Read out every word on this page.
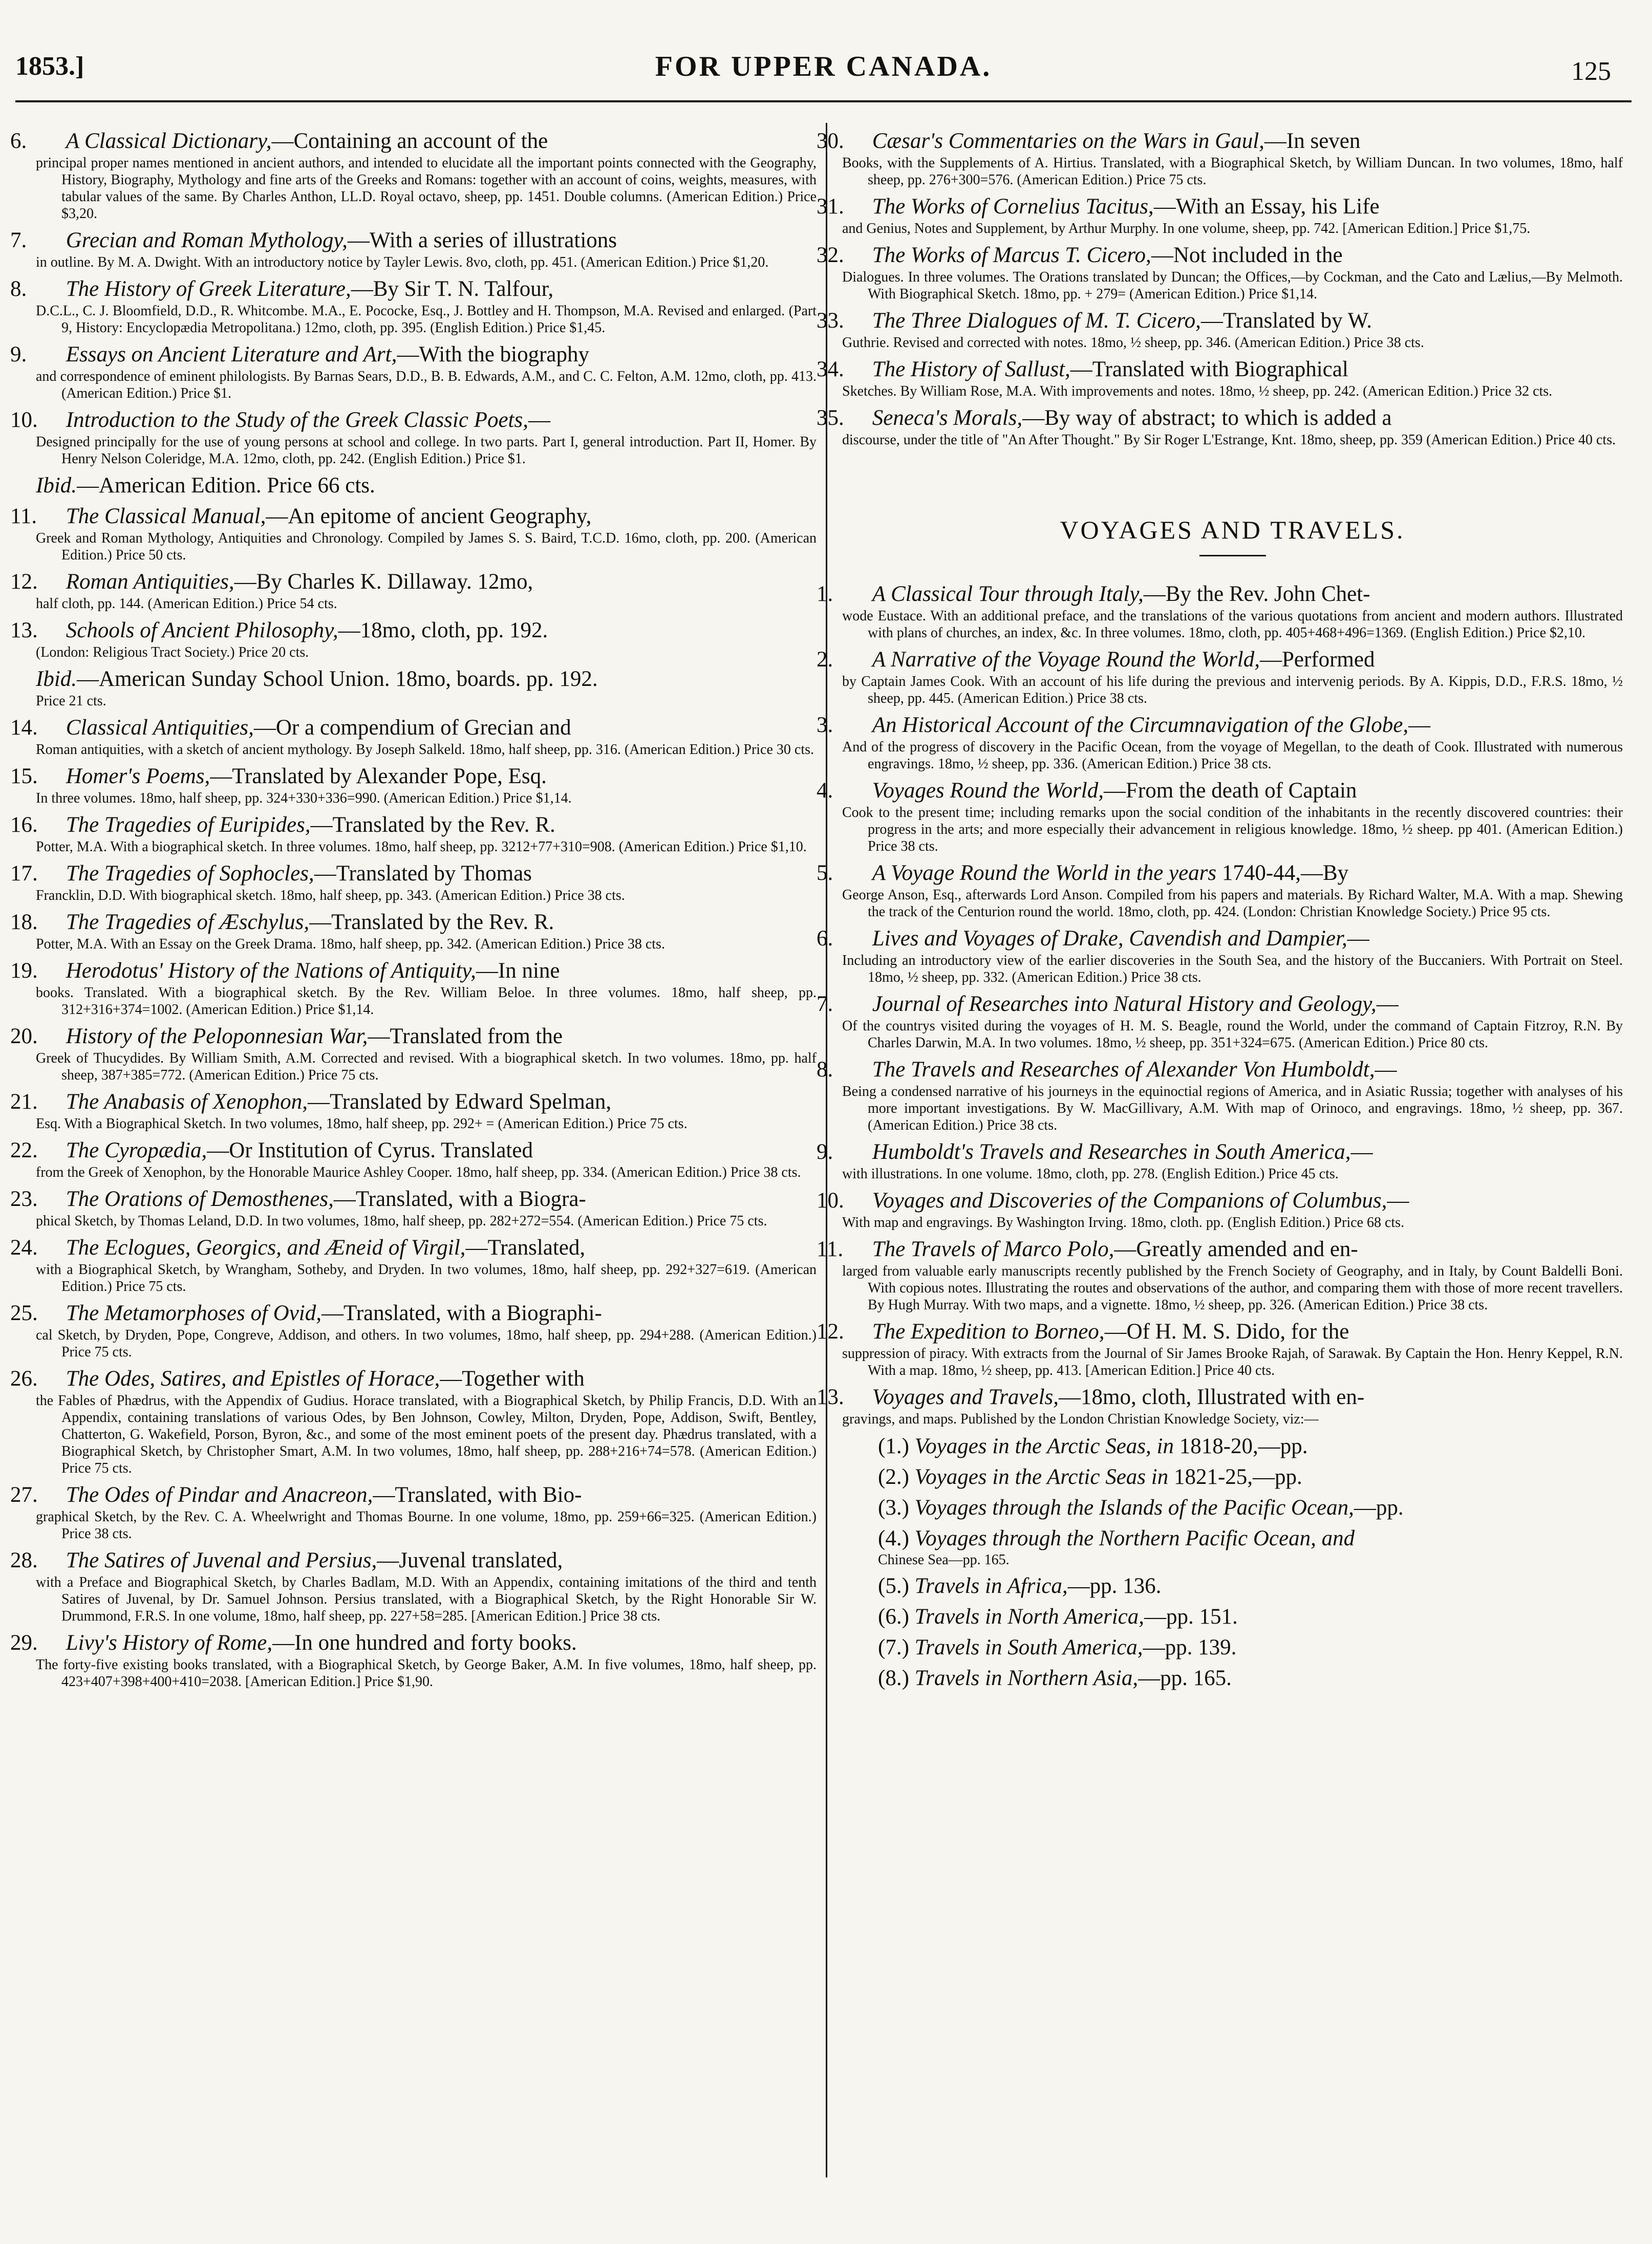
1853.]	FOR UPPER CANADA.	125
6. A Classical Dictionary,—Containing an account of the
principal proper names mentioned in ancient authors, and intended to elucidate all the important points connected with the Geography, History, Biography, Mythology and fine arts of the Greeks and Romans: together with an account of coins, weights, measures, with tabular values of the same. By Charles Anthon, LL.D. Royal octavo, sheep, pp. 1451. Double columns. (American Edition.) Price $3,20.
7. Grecian and Roman Mythology,—With a series of illustrations
in outline. By M. A. Dwight. With an introductory notice by Tayler Lewis. 8vo, cloth, pp. 451. (American Edition.) Price $1,20.
8. The History of Greek Literature,—By Sir T. N. Talfour,
D.C.L., C. J. Bloomfield, D.D., R. Whitcombe. M.A., E. Pococke, Esq., J. Bottley and H. Thompson, M.A. Revised and enlarged. (Part 9, History: Encyclopædia Metropolitana.) 12mo, cloth, pp. 395. (English Edition.) Price $1,45.
9. Essays on Ancient Literature and Art,—With the biography
and correspondence of eminent philologists. By Barnas Sears, D.D., B. B. Edwards, A.M., and C. C. Felton, A.M. 12mo, cloth, pp. 413. (American Edition.) Price $1.
10. Introduction to the Study of the Greek Classic Poets,—
Designed principally for the use of young persons at school and college. In two parts. Part I, general introduction. Part II, Homer. By Henry Nelson Coleridge, M.A. 12mo, cloth, pp. 242. (English Edition.) Price $1.
Ibid.—American Edition. Price 66 cts.
11. The Classical Manual,—An epitome of ancient Geography,
Greek and Roman Mythology, Antiquities and Chronology. Compiled by James S. S. Baird, T.C.D. 16mo, cloth, pp. 200. (American Edition.) Price 50 cts.
12. Roman Antiquities,—By Charles K. Dillaway. 12mo,
half cloth, pp. 144. (American Edition.) Price 54 cts.
13. Schools of Ancient Philosophy,—18mo, cloth, pp. 192.
(London: Religious Tract Society.) Price 20 cts.
Ibid.—American Sunday School Union. 18mo, boards. pp. 192.
Price 21 cts.
14. Classical Antiquities,—Or a compendium of Grecian and
Roman antiquities, with a sketch of ancient mythology. By Joseph Salkeld. 18mo, half sheep, pp. 316. (American Edition.) Price 30 cts.
15. Homer's Poems,—Translated by Alexander Pope, Esq.
In three volumes. 18mo, half sheep, pp. 324+330+336=990. (American Edition.) Price $1,14.
16. The Tragedies of Euripides,—Translated by the Rev. R.
Potter, M.A. With a biographical sketch. In three volumes. 18mo, half sheep, pp. 3212+77+310=908. (American Edition.) Price $1,10.
17. The Tragedies of Sophocles,—Translated by Thomas
Francklin, D.D. With biographical sketch. 18mo, half sheep, pp. 343. (American Edition.) Price 38 cts.
18. The Tragedies of Æschylus,—Translated by the Rev. R.
Potter, M.A. With an Essay on the Greek Drama. 18mo, half sheep, pp. 342. (American Edition.) Price 38 cts.
19. Herodotus' History of the Nations of Antiquity,—In nine
books. Translated. With a biographical sketch. By the Rev. William Beloe. In three volumes. 18mo, half sheep, pp. 312+316+374=1002. (American Edition.) Price $1,14.
20. History of the Peloponnesian War,—Translated from the
Greek of Thucydides. By William Smith, A.M. Corrected and revised. With a biographical sketch. In two volumes. 18mo, pp. half sheep, 387+385=772. (American Edition.) Price 75 cts.
21. The Anabasis of Xenophon,—Translated by Edward Spelman,
Esq. With a Biographical Sketch. In two volumes, 18mo, half sheep, pp. 292+ = (American Edition.) Price 75 cts.
22. The Cyropædia,—Or Institution of Cyrus. Translated
from the Greek of Xenophon, by the Honorable Maurice Ashley Cooper. 18mo, half sheep, pp. 334. (American Edition.) Price 38 cts.
23. The Orations of Demosthenes,—Translated, with a Biogra-
phical Sketch, by Thomas Leland, D.D. In two volumes, 18mo, half sheep, pp. 282+272=554. (American Edition.) Price 75 cts.
24. The Eclogues, Georgics, and Æneid of Virgil,—Translated,
with a Biographical Sketch, by Wrangham, Sotheby, and Dryden. In two volumes, 18mo, half sheep, pp. 292+327=619. (American Edition.) Price 75 cts.
25. The Metamorphoses of Ovid,—Translated, with a Biographi-
cal Sketch, by Dryden, Pope, Congreve, Addison, and others. In two volumes, 18mo, half sheep, pp. 294+288. (American Edition.) Price 75 cts.
26. The Odes, Satires, and Epistles of Horace,—Together with
the Fables of Phædrus, with the Appendix of Gudius. Horace translated, with a Biographical Sketch, by Philip Francis, D.D. With an Appendix, containing translations of various Odes, by Ben Johnson, Cowley, Milton, Dryden, Pope, Addison, Swift, Bentley, Chatterton, G. Wakefield, Porson, Byron, &c., and some of the most eminent poets of the present day. Phædrus translated, with a Biographical Sketch, by Christopher Smart, A.M. In two volumes, 18mo, half sheep, pp. 288+216+74=578. (American Edition.) Price 75 cts.
27. The Odes of Pindar and Anacreon,—Translated, with Bio-
graphical Sketch, by the Rev. C. A. Wheelwright and Thomas Bourne. In one volume, 18mo, pp. 259+66=325. (American Edition.) Price 38 cts.
28. The Satires of Juvenal and Persius,—Juvenal translated,
with a Preface and Biographical Sketch, by Charles Badlam, M.D. With an Appendix, containing imitations of the third and tenth Satires of Juvenal, by Dr. Samuel Johnson. Persius translated, with a Biographical Sketch, by the Right Honorable Sir W. Drummond, F.R.S. In one volume, 18mo, half sheep, pp. 227+58=285. [American Edition.] Price 38 cts.
29. Livy's History of Rome,—In one hundred and forty books.
The forty-five existing books translated, with a Biographical Sketch, by George Baker, A.M. In five volumes, 18mo, half sheep, pp. 423+407+398+400+410=2038. [American Edition.] Price $1,90.
30. Cæsar's Commentaries on the Wars in Gaul,—In seven
Books, with the Supplements of A. Hirtius. Translated, with a Biographical Sketch, by William Duncan. In two volumes, 18mo, half sheep, pp. 276+300=576. (American Edition.) Price 75 cts.
31. The Works of Cornelius Tacitus,—With an Essay, his Life
and Genius, Notes and Supplement, by Arthur Murphy. In one volume, sheep, pp. 742. [American Edition.] Price $1,75.
32. The Works of Marcus T. Cicero,—Not included in the
Dialogues. In three volumes. The Orations translated by Duncan; the Offices,—by Cockman, and the Cato and Lælius,—By Melmoth. With Biographical Sketch. 18mo, pp. + 279= (American Edition.) Price $1,14.
33. The Three Dialogues of M. T. Cicero,—Translated by W.
Guthrie. Revised and corrected with notes. 18mo, ½ sheep, pp. 346. (American Edition.) Price 38 cts.
34. The History of Sallust,—Translated with Biographical
Sketches. By William Rose, M.A. With improvements and notes. 18mo, ½ sheep, pp. 242. (American Edition.) Price 32 cts.
35. Seneca's Morals,—By way of abstract; to which is added a
discourse, under the title of "An After Thought." By Sir Roger L'Estrange, Knt. 18mo, sheep, pp. 359 (American Edition.) Price 40 cts.
VOYAGES AND TRAVELS.
1. A Classical Tour through Italy,—By the Rev. John Chet-
wode Eustace. With an additional preface, and the translations of the various quotations from ancient and modern authors. Illustrated with plans of churches, an index, &c. In three volumes. 18mo, cloth, pp. 405+468+496=1369. (English Edition.) Price $2,10.
2. A Narrative of the Voyage Round the World,—Performed
by Captain James Cook. With an account of his life during the previous and intervenig periods. By A. Kippis, D.D., F.R.S. 18mo, ½ sheep, pp. 445. (American Edition.) Price 38 cts.
3. An Historical Account of the Circumnavigation of the Globe,—
And of the progress of discovery in the Pacific Ocean, from the voyage of Megellan, to the death of Cook. Illustrated with numerous engravings. 18mo, ½ sheep, pp. 336. (American Edition.) Price 38 cts.
4. Voyages Round the World,—From the death of Captain
Cook to the present time; including remarks upon the social condition of the inhabitants in the recently discovered countries: their progress in the arts; and more especially their advancement in religious knowledge. 18mo, ½ sheep. pp 401. (American Edition.) Price 38 cts.
5. A Voyage Round the World in the years 1740-44,—By
George Anson, Esq., afterwards Lord Anson. Compiled from his papers and materials. By Richard Walter, M.A. With a map. Shewing the track of the Centurion round the world. 18mo, cloth, pp. 424. (London: Christian Knowledge Society.) Price 95 cts.
6. Lives and Voyages of Drake, Cavendish and Dampier,—
Including an introductory view of the earlier discoveries in the South Sea, and the history of the Buccaniers. With Portrait on Steel. 18mo, ½ sheep, pp. 332. (American Edition.) Price 38 cts.
7. Journal of Researches into Natural History and Geology,—
Of the countrys visited during the voyages of H. M. S. Beagle, round the World, under the command of Captain Fitzroy, R.N. By Charles Darwin, M.A. In two volumes. 18mo, ½ sheep, pp. 351+324=675. (American Edition.) Price 80 cts.
8. The Travels and Researches of Alexander Von Humboldt,—
Being a condensed narrative of his journeys in the equinoctial regions of America, and in Asiatic Russia; together with analyses of his more important investigations. By W. MacGillivary, A.M. With map of Orinoco, and engravings. 18mo, ½ sheep, pp. 367. (American Edition.) Price 38 cts.
9. Humboldt's Travels and Researches in South America,—
with illustrations. In one volume. 18mo, cloth, pp. 278. (English Edition.) Price 45 cts.
10. Voyages and Discoveries of the Companions of Columbus,—
With map and engravings. By Washington Irving. 18mo, cloth. pp. (English Edition.) Price 68 cts.
11. The Travels of Marco Polo,—Greatly amended and en-
larged from valuable early manuscripts recently published by the French Society of Geography, and in Italy, by Count Baldelli Boni. With copious notes. Illustrating the routes and observations of the author, and comparing them with those of more recent travellers. By Hugh Murray. With two maps, and a vignette. 18mo, ½ sheep, pp. 326. (American Edition.) Price 38 cts.
12. The Expedition to Borneo,—Of H. M. S. Dido, for the
suppression of piracy. With extracts from the Journal of Sir James Brooke Rajah, of Sarawak. By Captain the Hon. Henry Keppel, R.N. With a map. 18mo, ½ sheep, pp. 413. [American Edition.] Price 40 cts.
13. Voyages and Travels,—18mo, cloth, Illustrated with en-
gravings, and maps. Published by the London Christian Knowledge Society, viz:—
(1.) Voyages in the Arctic Seas, in 1818-20,—pp.
(2.) Voyages in the Arctic Seas in 1821-25,—pp.
(3.) Voyages through the Islands of the Pacific Ocean,—pp.
(4.) Voyages through the Northern Pacific Ocean, and
Chinese Sea—pp. 165.
(5.) Travels in Africa,—pp. 136.
(6.) Travels in North America,—pp. 151.
(7.) Travels in South America,—pp. 139.
(8.) Travels in Northern Asia,—pp. 165.
